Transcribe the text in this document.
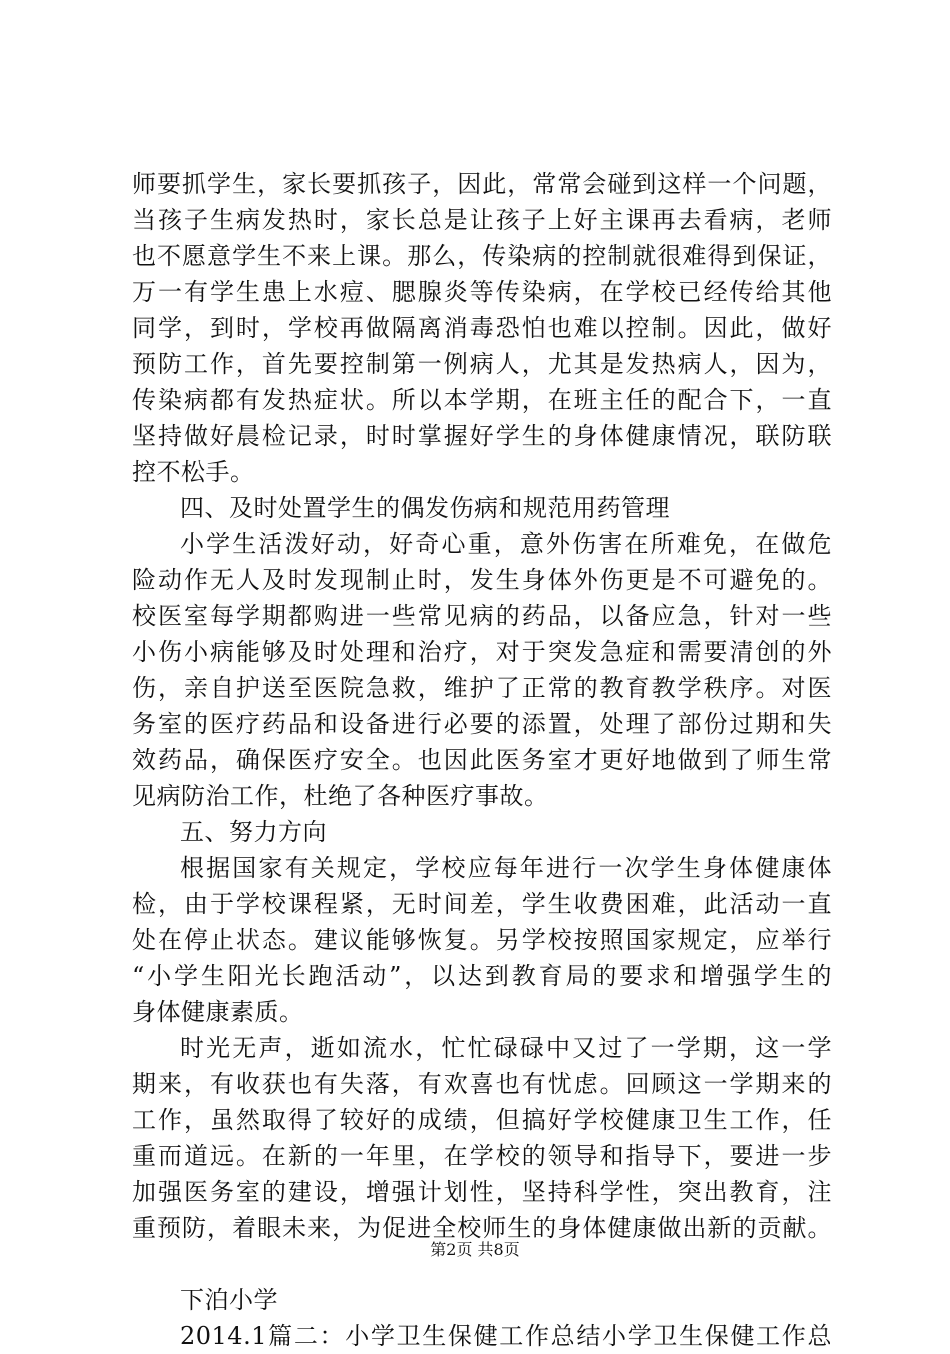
师要抓学生，家长要抓孩子，因此，常常会碰到这样一个问题，
当孩子生病发热时，家长总是让孩子上好主课再去看病，老师
也不愿意学生不来上课。那么，传染病的控制就很难得到保证，
万一有学生患上水痘、腮腺炎等传染病，在学校已经传给其他
同学，到时，学校再做隔离消毒恐怕也难以控制。因此，做好
预防工作，首先要控制第一例病人，尤其是发热病人，因为，
传染病都有发热症状。所以本学期，在班主任的配合下，一直
坚持做好晨检记录，时时掌握好学生的身体健康情况，联防联
控不松手。
四、及时处置学生的偶发伤病和规范用药管理
小学生活泼好动，好奇心重，意外伤害在所难免，在做危
险动作无人及时发现制止时，发生身体外伤更是不可避免的。
校医室每学期都购进一些常见病的药品，以备应急，针对一些
小伤小病能够及时处理和治疗，对于突发急症和需要清创的外
伤，亲自护送至医院急救，维护了正常的教育教学秩序。对医
务室的医疗药品和设备进行必要的添置，处理了部份过期和失
效药品，确保医疗安全。也因此医务室才更好地做到了师生常
见病防治工作，杜绝了各种医疗事故。
五、努力方向
根据国家有关规定，学校应每年进行一次学生身体健康体
检，由于学校课程紧，无时间差，学生收费困难，此活动一直
处在停止状态。建议能够恢复。另学校按照国家规定，应举行
“小学生阳光长跑活动”，以达到教育局的要求和增强学生的
身体健康素质。
时光无声，逝如流水，忙忙碌碌中又过了一学期，这一学
期来，有收获也有失落，有欢喜也有忧虑。回顾这一学期来的
工作，虽然取得了较好的成绩，但搞好学校健康卫生工作，任
重而道远。在新的一年里，在学校的领导和指导下，要进一步
加强医务室的建设，增强计划性，坚持科学性，突出教育，注
重预防，着眼未来，为促进全校师生的身体健康做出新的贡献。
下泊小学
2014.1篇二：小学卫生保健工作总结小学卫生保健工作总
第2页 共8页
